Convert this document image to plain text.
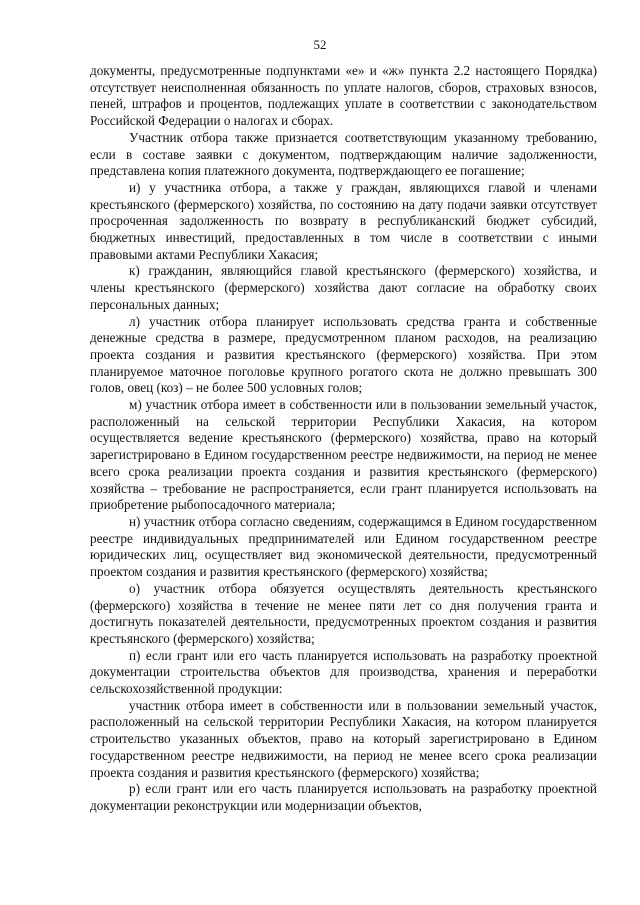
52

документы, предусмотренные подпунктами «е» и «ж» пункта 2.2 настоящего Порядка) отсутствует неисполненная обязанность по уплате налогов, сборов, страховых взносов, пеней, штрафов и процентов, подлежащих уплате в соответствии с законодательством Российской Федерации о налогах и сборах.

Участник отбора также признается соответствующим указанному требованию, если в составе заявки с документом, подтверждающим наличие задолженности, представлена копия платежного документа, подтверждающего ее погашение;

и) у участника отбора, а также у граждан, являющихся главой и членами крестьянского (фермерского) хозяйства, по состоянию на дату подачи заявки отсутствует просроченная задолженность по возврату в республиканский бюджет субсидий, бюджетных инвестиций, предоставленных в том числе в соответствии с иными правовыми актами Республики Хакасия;

к) гражданин, являющийся главой крестьянского (фермерского) хозяйства, и члены крестьянского (фермерского) хозяйства дают согласие на обработку своих персональных данных;

л) участник отбора планирует использовать средства гранта и собственные денежные средства в размере, предусмотренном планом расходов, на реализацию проекта создания и развития крестьянского (фермерского) хозяйства. При этом планируемое маточное поголовье крупного рогатого скота не должно превышать 300 голов, овец (коз) – не более 500 условных голов;

м) участник отбора имеет в собственности или в пользовании земельный участок, расположенный на сельской территории Республики Хакасия, на котором осуществляется ведение крестьянского (фермерского) хозяйства, право на который зарегистрировано в Едином государственном реестре недвижимости, на период не менее всего срока реализации проекта создания и развития крестьянского (фермерского) хозяйства – требование не распространяется, если грант планируется использовать на приобретение рыбопосадочного материала;

н) участник отбора согласно сведениям, содержащимся в Едином государственном реестре индивидуальных предпринимателей или Едином государственном реестре юридических лиц, осуществляет вид экономической деятельности, предусмотренный проектом создания и развития крестьянского (фермерского) хозяйства;

о) участник отбора обязуется осуществлять деятельность крестьянского (фермерского) хозяйства в течение не менее пяти лет со дня получения гранта и достигнуть показателей деятельности, предусмотренных проектом создания и развития крестьянского (фермерского) хозяйства;

п) если грант или его часть планируется использовать на разработку проектной документации строительства объектов для производства, хранения и переработки сельскохозяйственной продукции:

участник отбора имеет в собственности или в пользовании земельный участок, расположенный на сельской территории Республики Хакасия, на котором планируется строительство указанных объектов, право на который зарегистрировано в Едином государственном реестре недвижимости, на период не менее всего срока реализации проекта создания и развития крестьянского (фермерского) хозяйства;

р) если грант или его часть планируется использовать на разработку проектной документации реконструкции или модернизации объектов,
